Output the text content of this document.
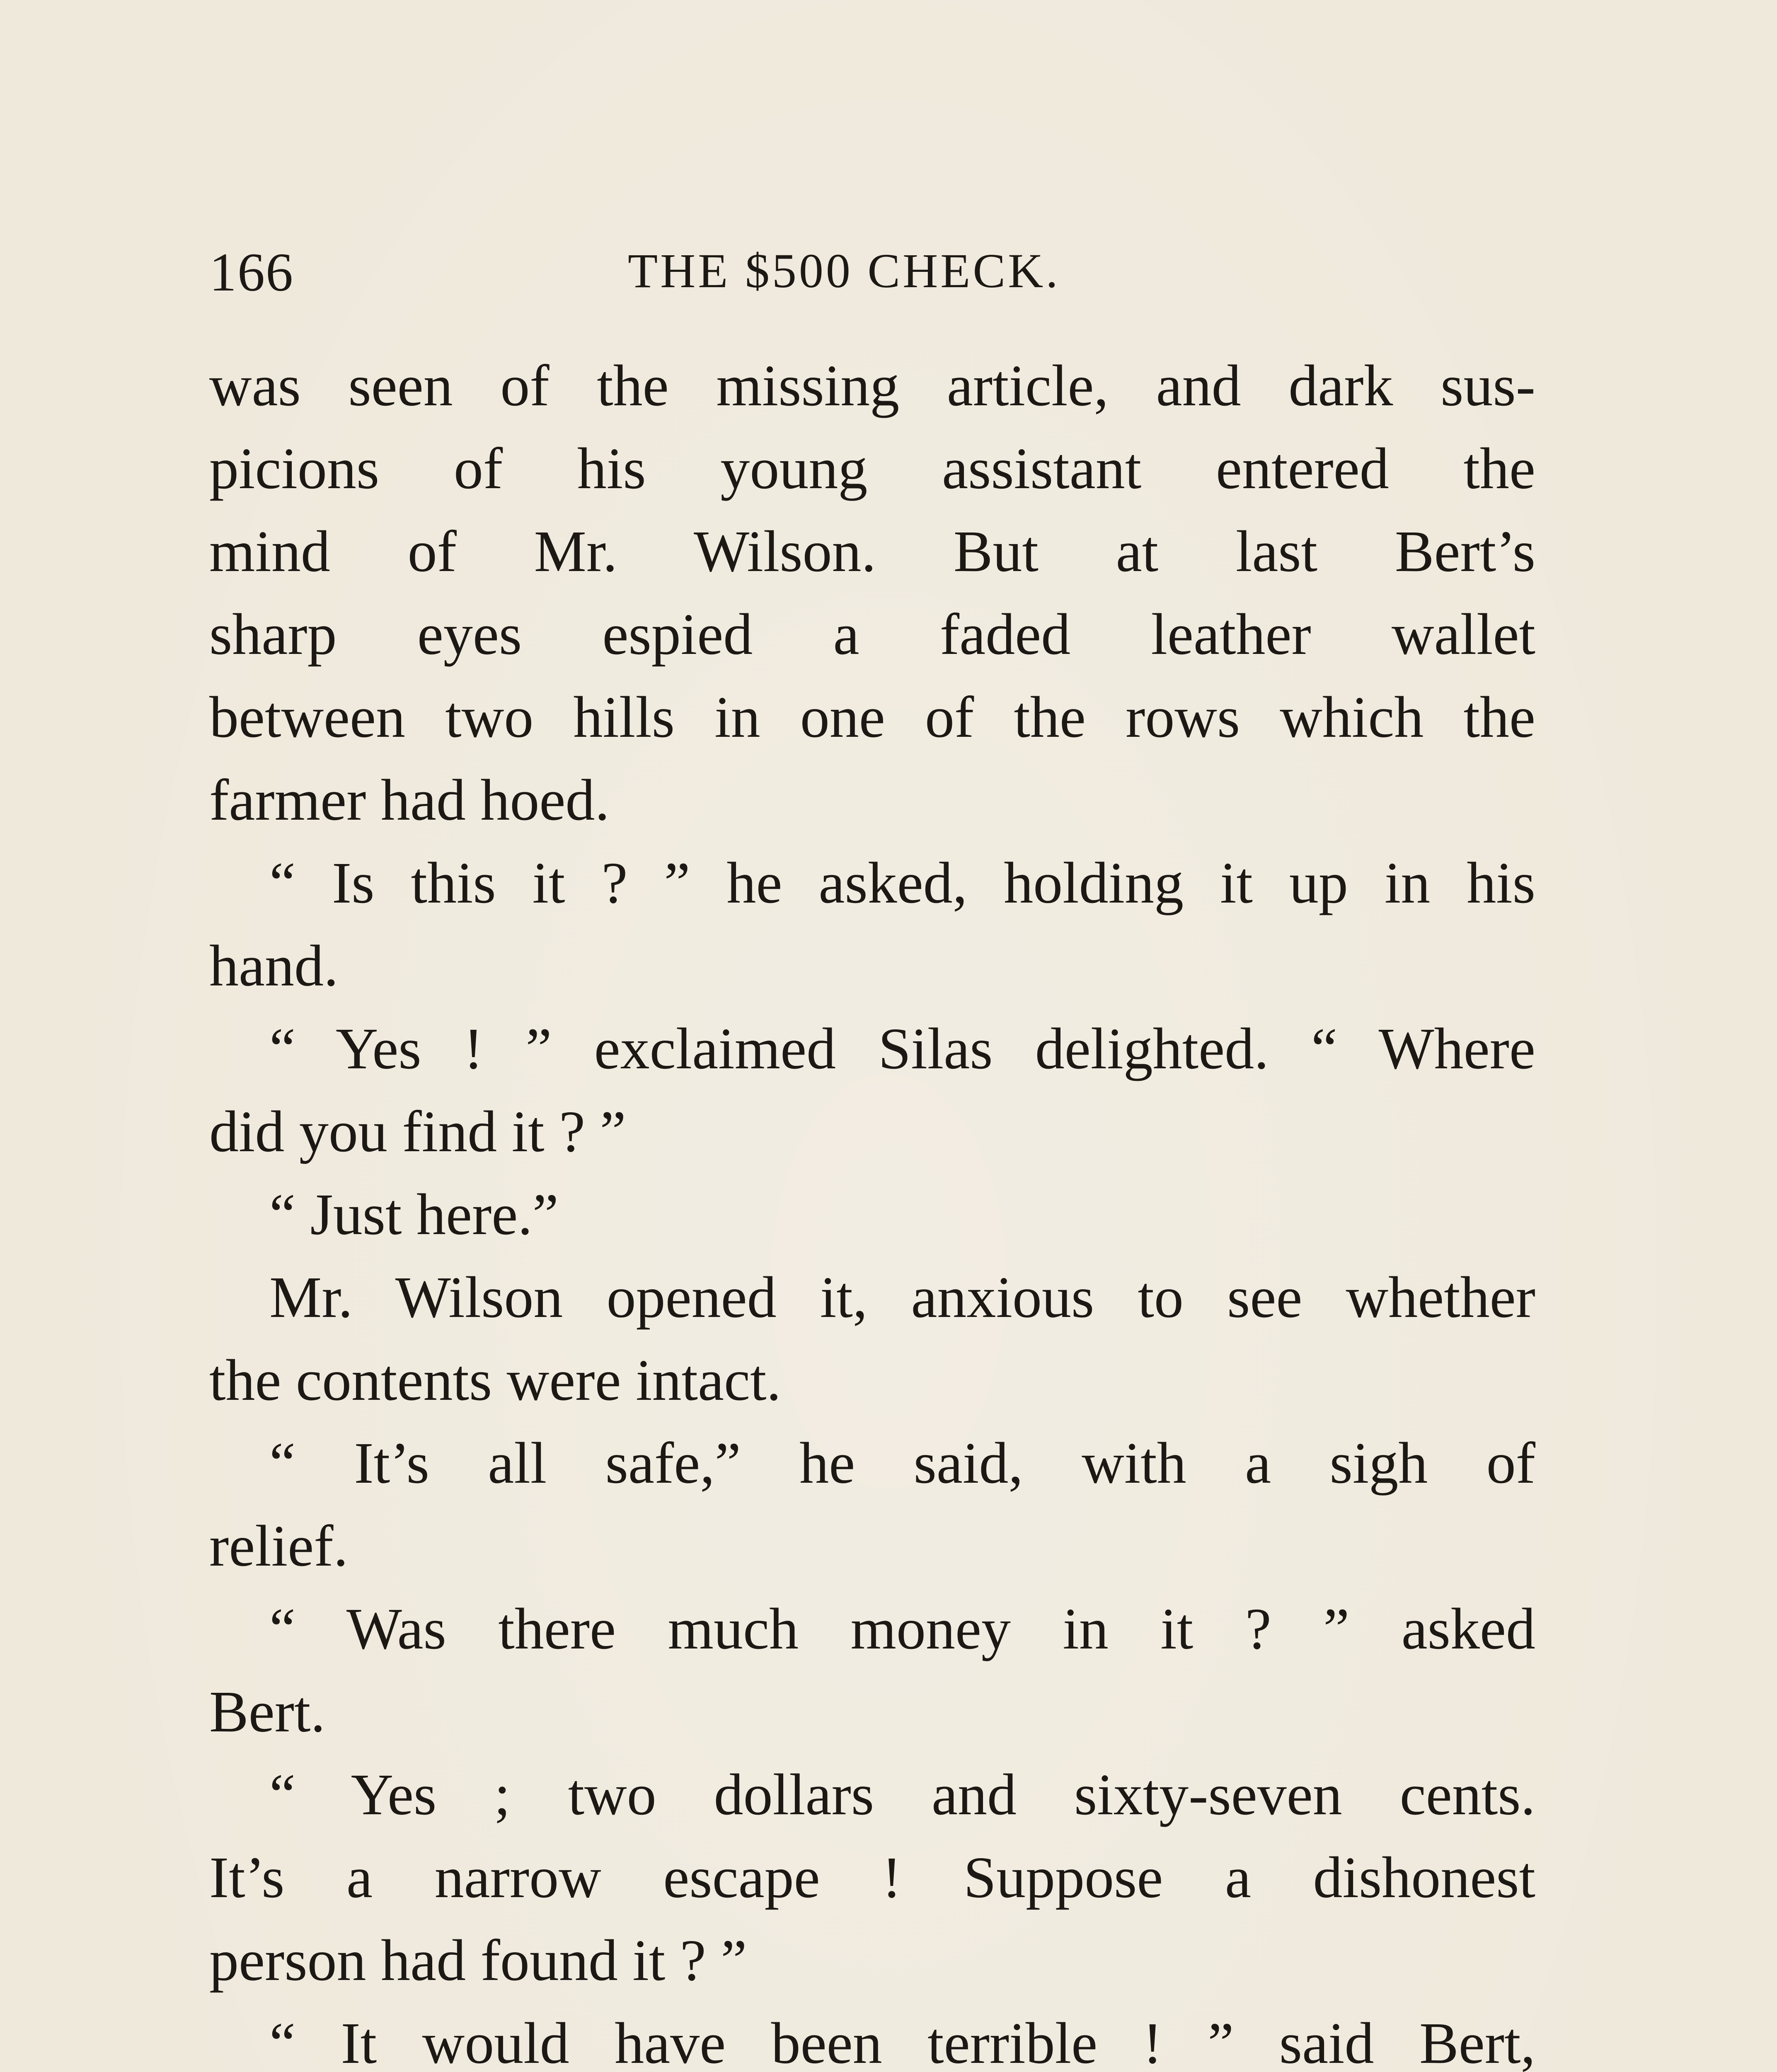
166	THE $500 CHECK.
was seen of the missing article, and dark sus-
picions of his young assistant entered the
mind of Mr. Wilson. But at last Bert’s
sharp eyes espied a faded leather wallet
between two hills in one of the rows which the
farmer had hoed.
“ Is this it ? ” he asked, holding it up in his
hand.
“ Yes ! ” exclaimed Silas delighted. “ Where
did you find it ? ”
“ Just here.”
Mr. Wilson opened it, anxious to see whether
the contents were intact.
“ It’s all safe,” he said, with a sigh of
relief.
“ Was there much money in it ? ” asked
Bert.
“ Yes ; two dollars and sixty-seven cents.
It’s a narrow escape ! Suppose a dishonest
person had found it ? ”
“ It would have been terrible ! ” said Bert,
